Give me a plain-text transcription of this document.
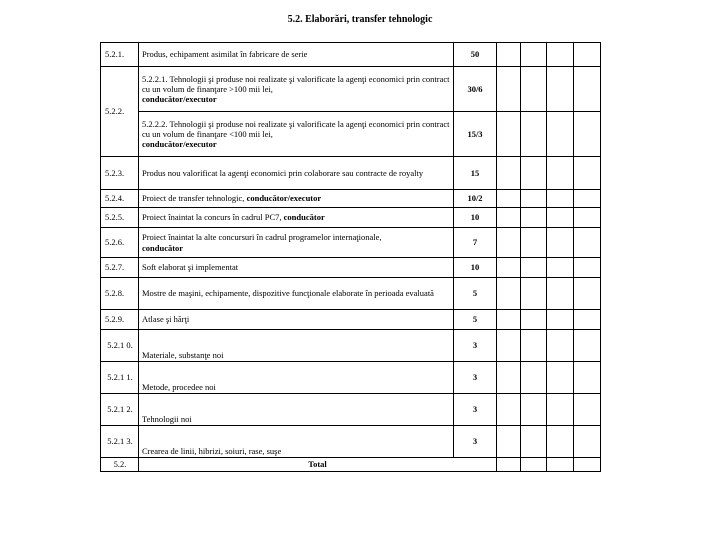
5.2. Elaborări, transfer tehnologic
5.2.1.	Produs, echipament asimilat în fabricare de serie	50				
5.2.2.	5.2.2.1. Tehnologii şi produse noi realizate şi valorificate la agenţi economici prin contract cu un volum de finanţare >100 mii lei,
conducător/executor	30/6				
	5.2.2.2. Tehnologii şi produse noi realizate şi valorificate la agenţi economici prin contract cu un volum de finanţare <100 mii lei,
conducător/executor	15/3				
5.2.3.	Produs nou valorificat la agenţi economici prin colaborare sau contracte de royalty	15				
5.2.4.	Proiect de transfer tehnologic, conducător/executor	10/2				
5.2.5.	Proiect înaintat la concurs în cadrul PC7, conducător	10				
5.2.6.	Proiect înaintat la alte concursuri în cadrul programelor internaţionale,
conducător	7				
5.2.7.	Soft elaborat şi implementat	10				
5.2.8.	Mostre de maşini, echipamente, dispozitive funcţionale elaborate în perioada evaluată	5				
5.2.9.	Atlase şi hărţi	5				
5.2.1 0.	Materiale, substanţe noi	3				
5.2.1 1.	Metode, procedee noi	3				
5.2.1 2.	Tehnologii noi	3				
5.2.1 3.	Crearea de linii, hibrizi, soiuri, rase, suşe	3				
5.2.	Total					
